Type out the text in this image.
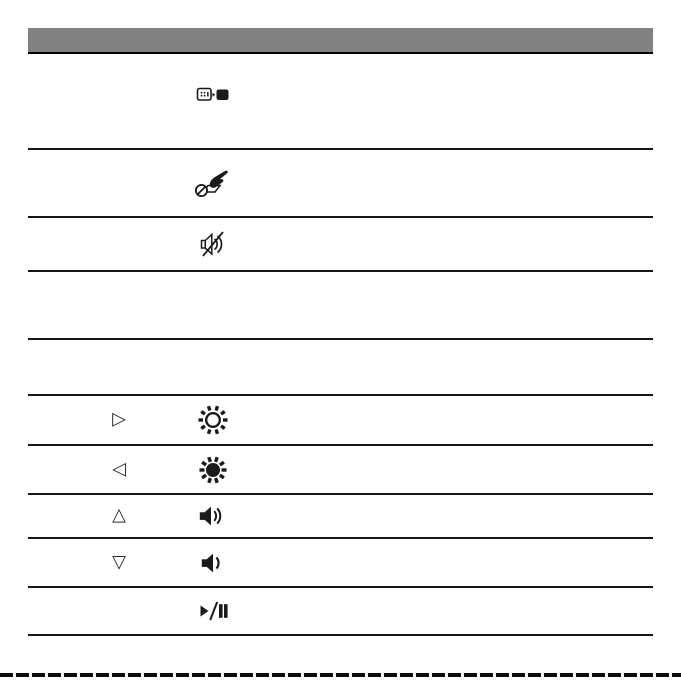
▷
◁
△
▽
